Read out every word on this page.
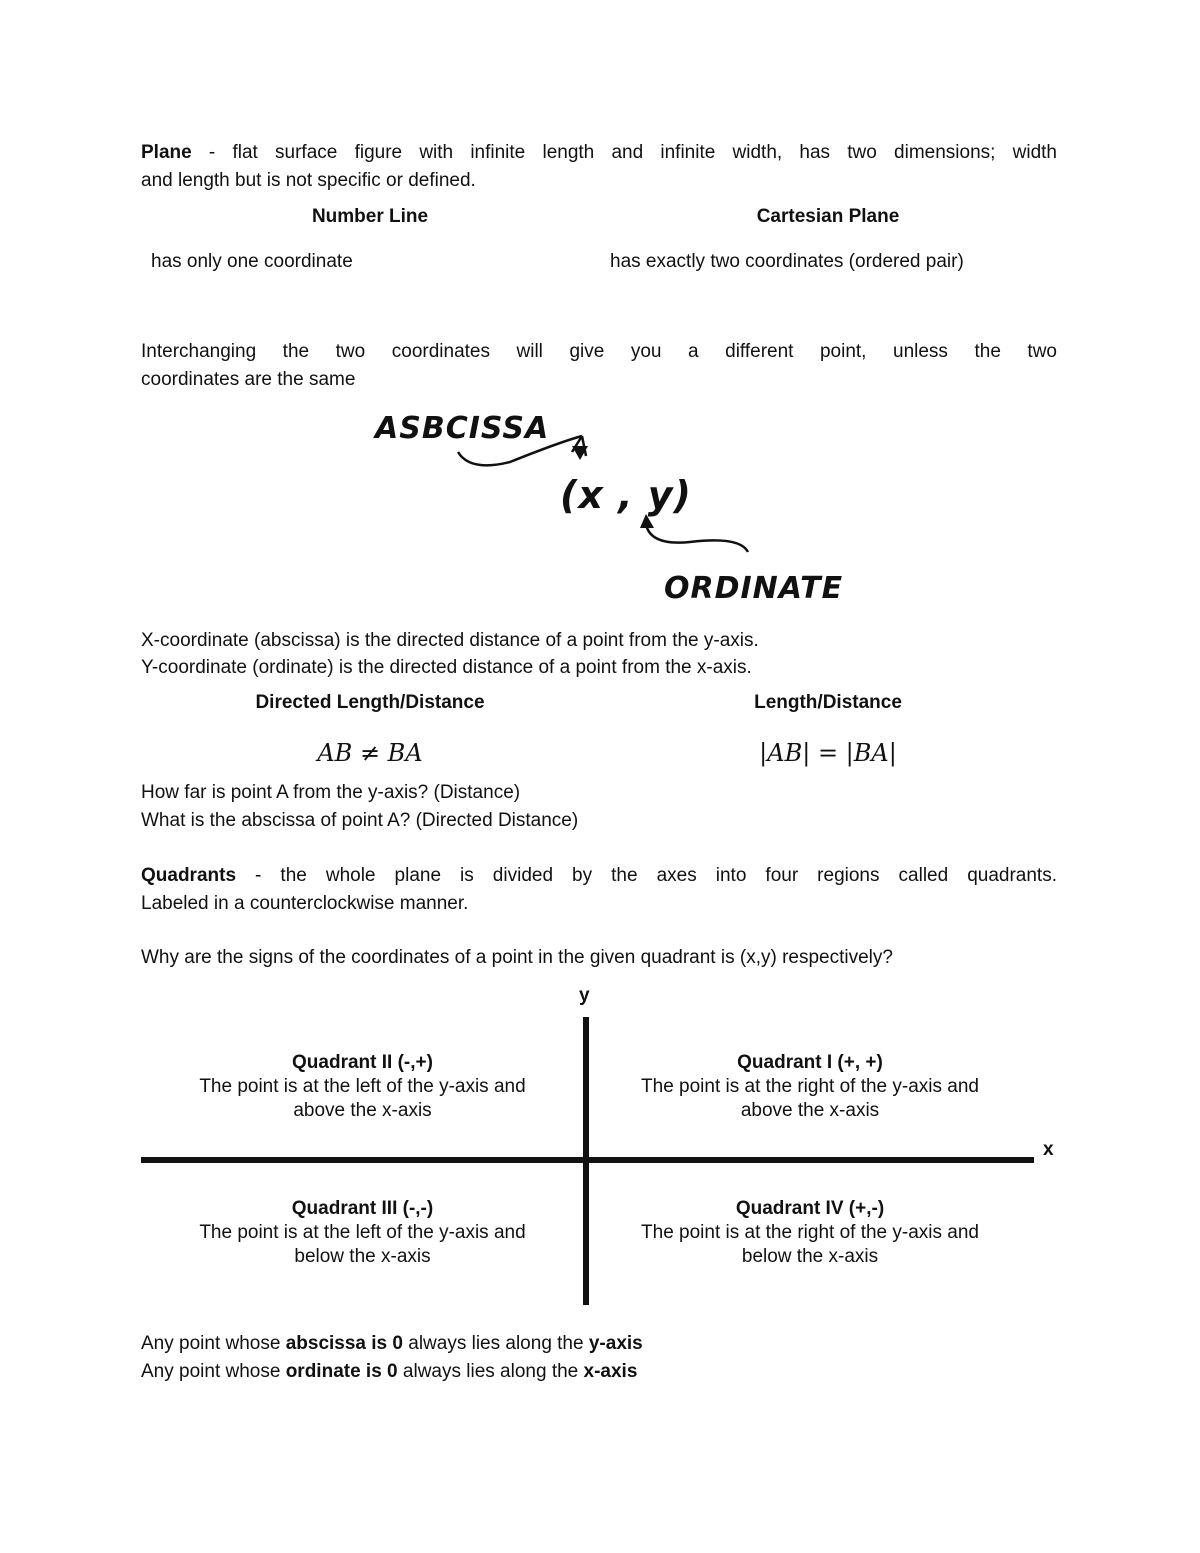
Plane - flat surface figure with infinite length and infinite width, has two dimensions; width
and length but is not specific or defined.
Number Line	Cartesian Plane
has only one coordinate	has exactly two coordinates (ordered pair)
Interchanging the two coordinates will give you a different point, unless the two
coordinates are the same
ASBCISSA
(x , y)
ORDINATE
X-coordinate (abscissa) is the directed distance of a point from the y-axis.
Y-coordinate (ordinate) is the directed distance of a point from the x-axis.
Directed Length/Distance	Length/Distance
AB ≠ BA	|AB| = |BA|
How far is point A from the y-axis? (Distance)
What is the abscissa of point A? (Directed Distance)
Quadrants - the whole plane is divided by the axes into four regions called quadrants.
Labeled in a counterclockwise manner.
Why are the signs of the coordinates of a point in the given quadrant is (x,y) respectively?
y
x
Quadrant II (-,+)
The point is at the left of the y-axis and
above the x-axis
Quadrant I (+, +)
The point is at the right of the y-axis and
above the x-axis
Quadrant III (-,-)
The point is at the left of the y-axis and
below the x-axis
Quadrant IV (+,-)
The point is at the right of the y-axis and
below the x-axis
Any point whose abscissa is 0 always lies along the y-axis
Any point whose ordinate is 0 always lies along the x-axis
